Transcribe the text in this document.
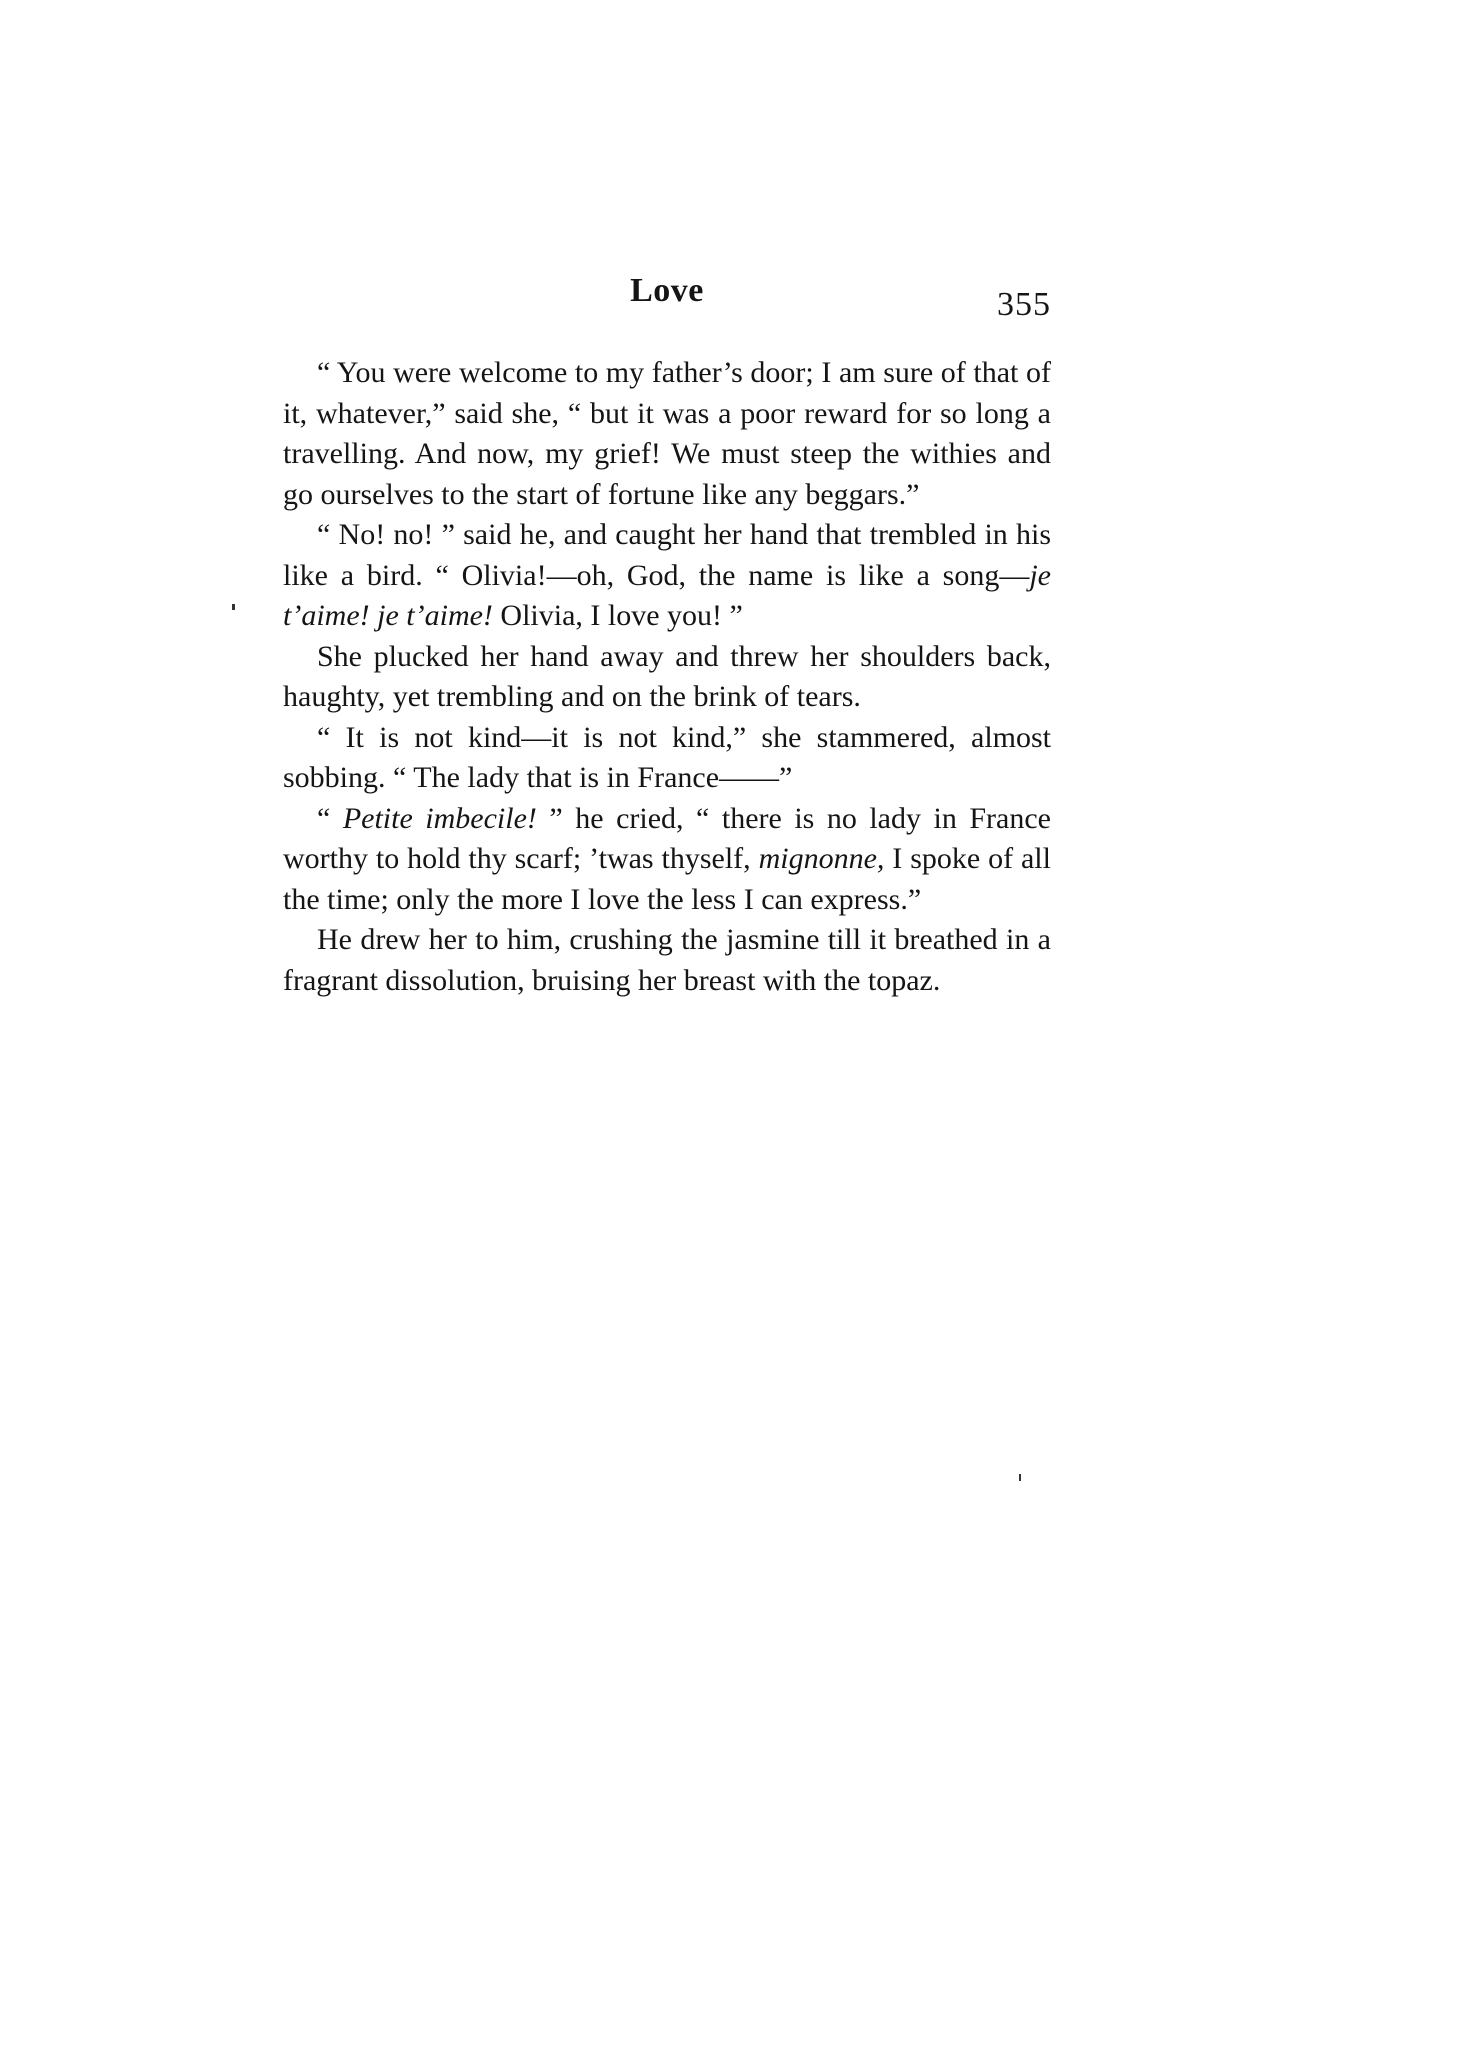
Love	355

“ You were welcome to my father’s door; I am sure of that of it, whatever,” said she, “ but it was a poor reward for so long a travelling. And now, my grief! We must steep the withies and go ourselves to the start of fortune like any beggars.”

“ No! no! ” said he, and caught her hand that trembled in his like a bird. “ Olivia!—oh, God, the name is like a song—je t’aime! je t’aime! Olivia, I love you! ”

She plucked her hand away and threw her shoulders back, haughty, yet trembling and on the brink of tears.

“ It is not kind—it is not kind,” she stammered, almost sobbing. “ The lady that is in France——”

“ Petite imbecile! ” he cried, “ there is no lady in France worthy to hold thy scarf; ’twas thyself, mignonne, I spoke of all the time; only the more I love the less I can express.”

He drew her to him, crushing the jasmine till it breathed in a fragrant dissolution, bruising her breast with the topaz.
